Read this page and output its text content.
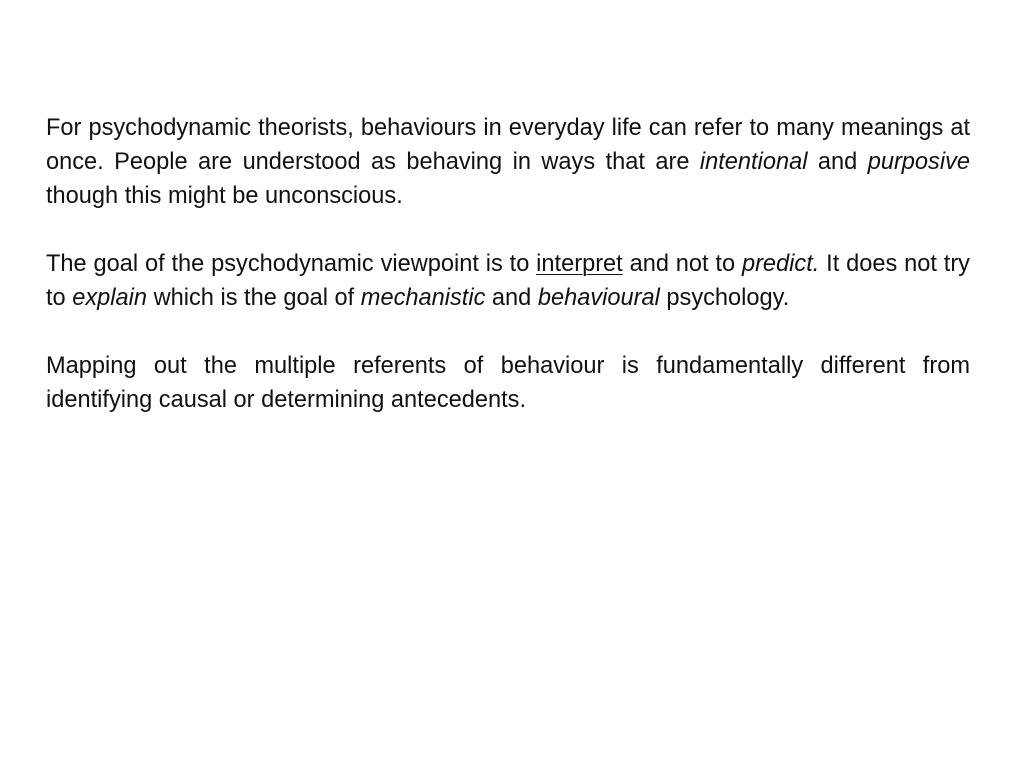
For psychodynamic theorists, behaviours in everyday life can refer to many meanings at once. People are understood as behaving in ways that are intentional and purposive though this might be unconscious.

The goal of the psychodynamic viewpoint is to interpret and not to predict. It does not try to explain which is the goal of mechanistic and behavioural psychology.

Mapping out the multiple referents of behaviour is fundamentally different from identifying causal or determining antecedents.
